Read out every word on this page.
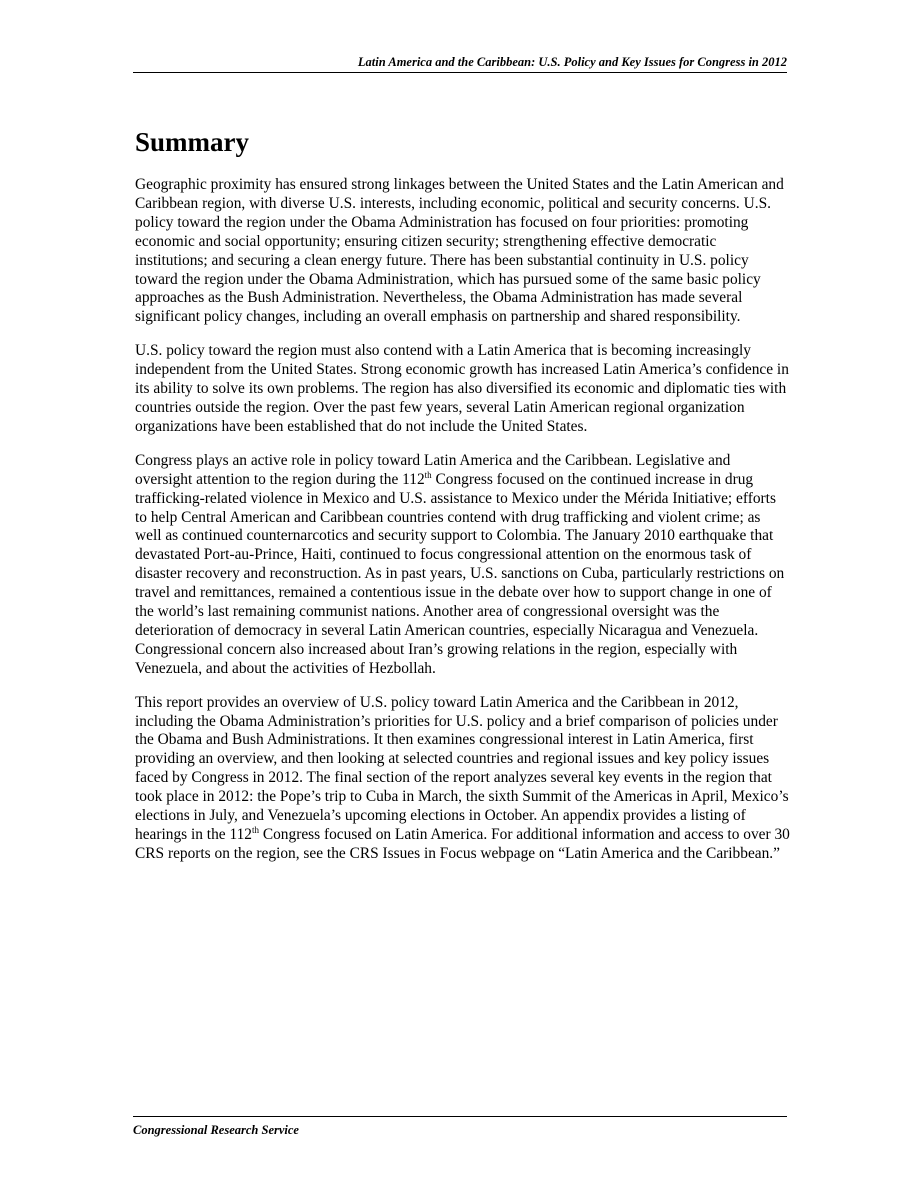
Latin America and the Caribbean: U.S. Policy and Key Issues for Congress in 2012
Summary

Geographic proximity has ensured strong linkages between the United States and the Latin American and Caribbean region, with diverse U.S. interests, including economic, political and security concerns. U.S. policy toward the region under the Obama Administration has focused on four priorities: promoting economic and social opportunity; ensuring citizen security; strengthening effective democratic institutions; and securing a clean energy future. There has been substantial continuity in U.S. policy toward the region under the Obama Administration, which has pursued some of the same basic policy approaches as the Bush Administration. Nevertheless, the Obama Administration has made several significant policy changes, including an overall emphasis on partnership and shared responsibility.

U.S. policy toward the region must also contend with a Latin America that is becoming increasingly independent from the United States. Strong economic growth has increased Latin America’s confidence in its ability to solve its own problems. The region has also diversified its economic and diplomatic ties with countries outside the region. Over the past few years, several Latin American regional organization organizations have been established that do not include the United States.

Congress plays an active role in policy toward Latin America and the Caribbean. Legislative and oversight attention to the region during the 112th Congress focused on the continued increase in drug trafficking-related violence in Mexico and U.S. assistance to Mexico under the Mérida Initiative; efforts to help Central American and Caribbean countries contend with drug trafficking and violent crime; as well as continued counternarcotics and security support to Colombia. The January 2010 earthquake that devastated Port-au-Prince, Haiti, continued to focus congressional attention on the enormous task of disaster recovery and reconstruction. As in past years, U.S. sanctions on Cuba, particularly restrictions on travel and remittances, remained a contentious issue in the debate over how to support change in one of the world’s last remaining communist nations. Another area of congressional oversight was the deterioration of democracy in several Latin American countries, especially Nicaragua and Venezuela. Congressional concern also increased about Iran’s growing relations in the region, especially with Venezuela, and about the activities of Hezbollah.

This report provides an overview of U.S. policy toward Latin America and the Caribbean in 2012, including the Obama Administration’s priorities for U.S. policy and a brief comparison of policies under the Obama and Bush Administrations. It then examines congressional interest in Latin America, first providing an overview, and then looking at selected countries and regional issues and key policy issues faced by Congress in 2012. The final section of the report analyzes several key events in the region that took place in 2012: the Pope’s trip to Cuba in March, the sixth Summit of the Americas in April, Mexico’s elections in July, and Venezuela’s upcoming elections in October. An appendix provides a listing of hearings in the 112th Congress focused on Latin America. For additional information and access to over 30 CRS reports on the region, see the CRS Issues in Focus webpage on “Latin America and the Caribbean.”

Congressional Research Service
